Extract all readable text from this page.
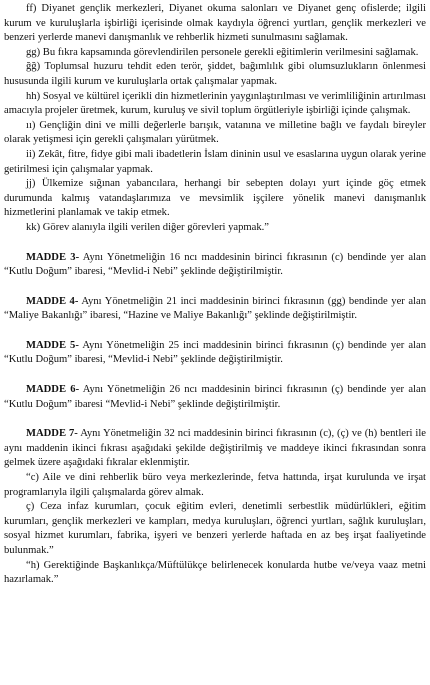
ff) Diyanet gençlik merkezleri, Diyanet okuma salonları ve Diyanet genç ofislerde; ilgili kurum ve kuruluşlarla işbirliği içerisinde olmak kaydıyla öğrenci yurtları, gençlik merkezleri ve benzeri yerlerde manevi danışmanlık ve rehberlik hizmeti sunulmasını sağlamak.

gg) Bu fıkra kapsamında görevlendirilen personele gerekli eğitimlerin verilmesini sağlamak.

ğğ) Toplumsal huzuru tehdit eden terör, şiddet, bağımlılık gibi olumsuzlukların önlenmesi hususunda ilgili kurum ve kuruluşlarla ortak çalışmalar yapmak.

hh) Sosyal ve kültürel içerikli din hizmetlerinin yaygınlaştırılması ve verimliliğinin artırılması amacıyla projeler üretmek, kurum, kuruluş ve sivil toplum örgütleriyle işbirliği içinde çalışmak.

ıı) Gençliğin dini ve milli değerlerle barışık, vatanına ve milletine bağlı ve faydalı bireyler olarak yetişmesi için gerekli çalışmaları yürütmek.

ii) Zekât, fitre, fidye gibi mali ibadetlerin İslam dininin usul ve esaslarına uygun olarak yerine getirilmesi için çalışmalar yapmak.

jj) Ülkemize sığınan yabancılara, herhangi bir sebepten dolayı yurt içinde göç etmek durumunda kalmış vatandaşlarımıza ve mevsimlik işçilere yönelik manevi danışmanlık hizmetlerini planlamak ve takip etmek.

kk) Görev alanıyla ilgili verilen diğer görevleri yapmak.”

MADDE 3- Aynı Yönetmeliğin 16 ncı maddesinin birinci fıkrasının (c) bendinde yer alan “Kutlu Doğum” ibaresi, “Mevlid-i Nebi” şeklinde değiştirilmiştir.

MADDE 4- Aynı Yönetmeliğin 21 inci maddesinin birinci fıkrasının (gg) bendinde yer alan “Maliye Bakanlığı” ibaresi, “Hazine ve Maliye Bakanlığı” şeklinde değiştirilmiştir.

MADDE 5- Aynı Yönetmeliğin 25 inci maddesinin birinci fıkrasının (ç) bendinde yer alan “Kutlu Doğum” ibaresi, “Mevlid-i Nebi” şeklinde değiştirilmiştir.

MADDE 6- Aynı Yönetmeliğin 26 ncı maddesinin birinci fıkrasının (ç) bendinde yer alan “Kutlu Doğum” ibaresi “Mevlid-i Nebi” şeklinde değiştirilmiştir.

MADDE 7- Aynı Yönetmeliğin 32 nci maddesinin birinci fıkrasının (c), (ç) ve (h) bentleri ile aynı maddenin ikinci fıkrası aşağıdaki şekilde değiştirilmiş ve maddeye ikinci fıkrasından sonra gelmek üzere aşağıdaki fıkralar eklenmiştir.

“c) Aile ve dini rehberlik büro veya merkezlerinde, fetva hattında, irşat kurulunda ve irşat programlarıyla ilgili çalışmalarda görev almak.

ç) Ceza infaz kurumları, çocuk eğitim evleri, denetimli serbestlik müdürlükleri, eğitim kurumları, gençlik merkezleri ve kampları, medya kuruluşları, öğrenci yurtları, sağlık kuruluşları, sosyal hizmet kurumları, fabrika, işyeri ve benzeri yerlerde haftada en az beş irşat faaliyetinde bulunmak.”

“h) Gerektiğinde Başkanlıkça/Müftülükçe belirlenecek konularda hutbe ve/veya vaaz metni hazırlamak.”
